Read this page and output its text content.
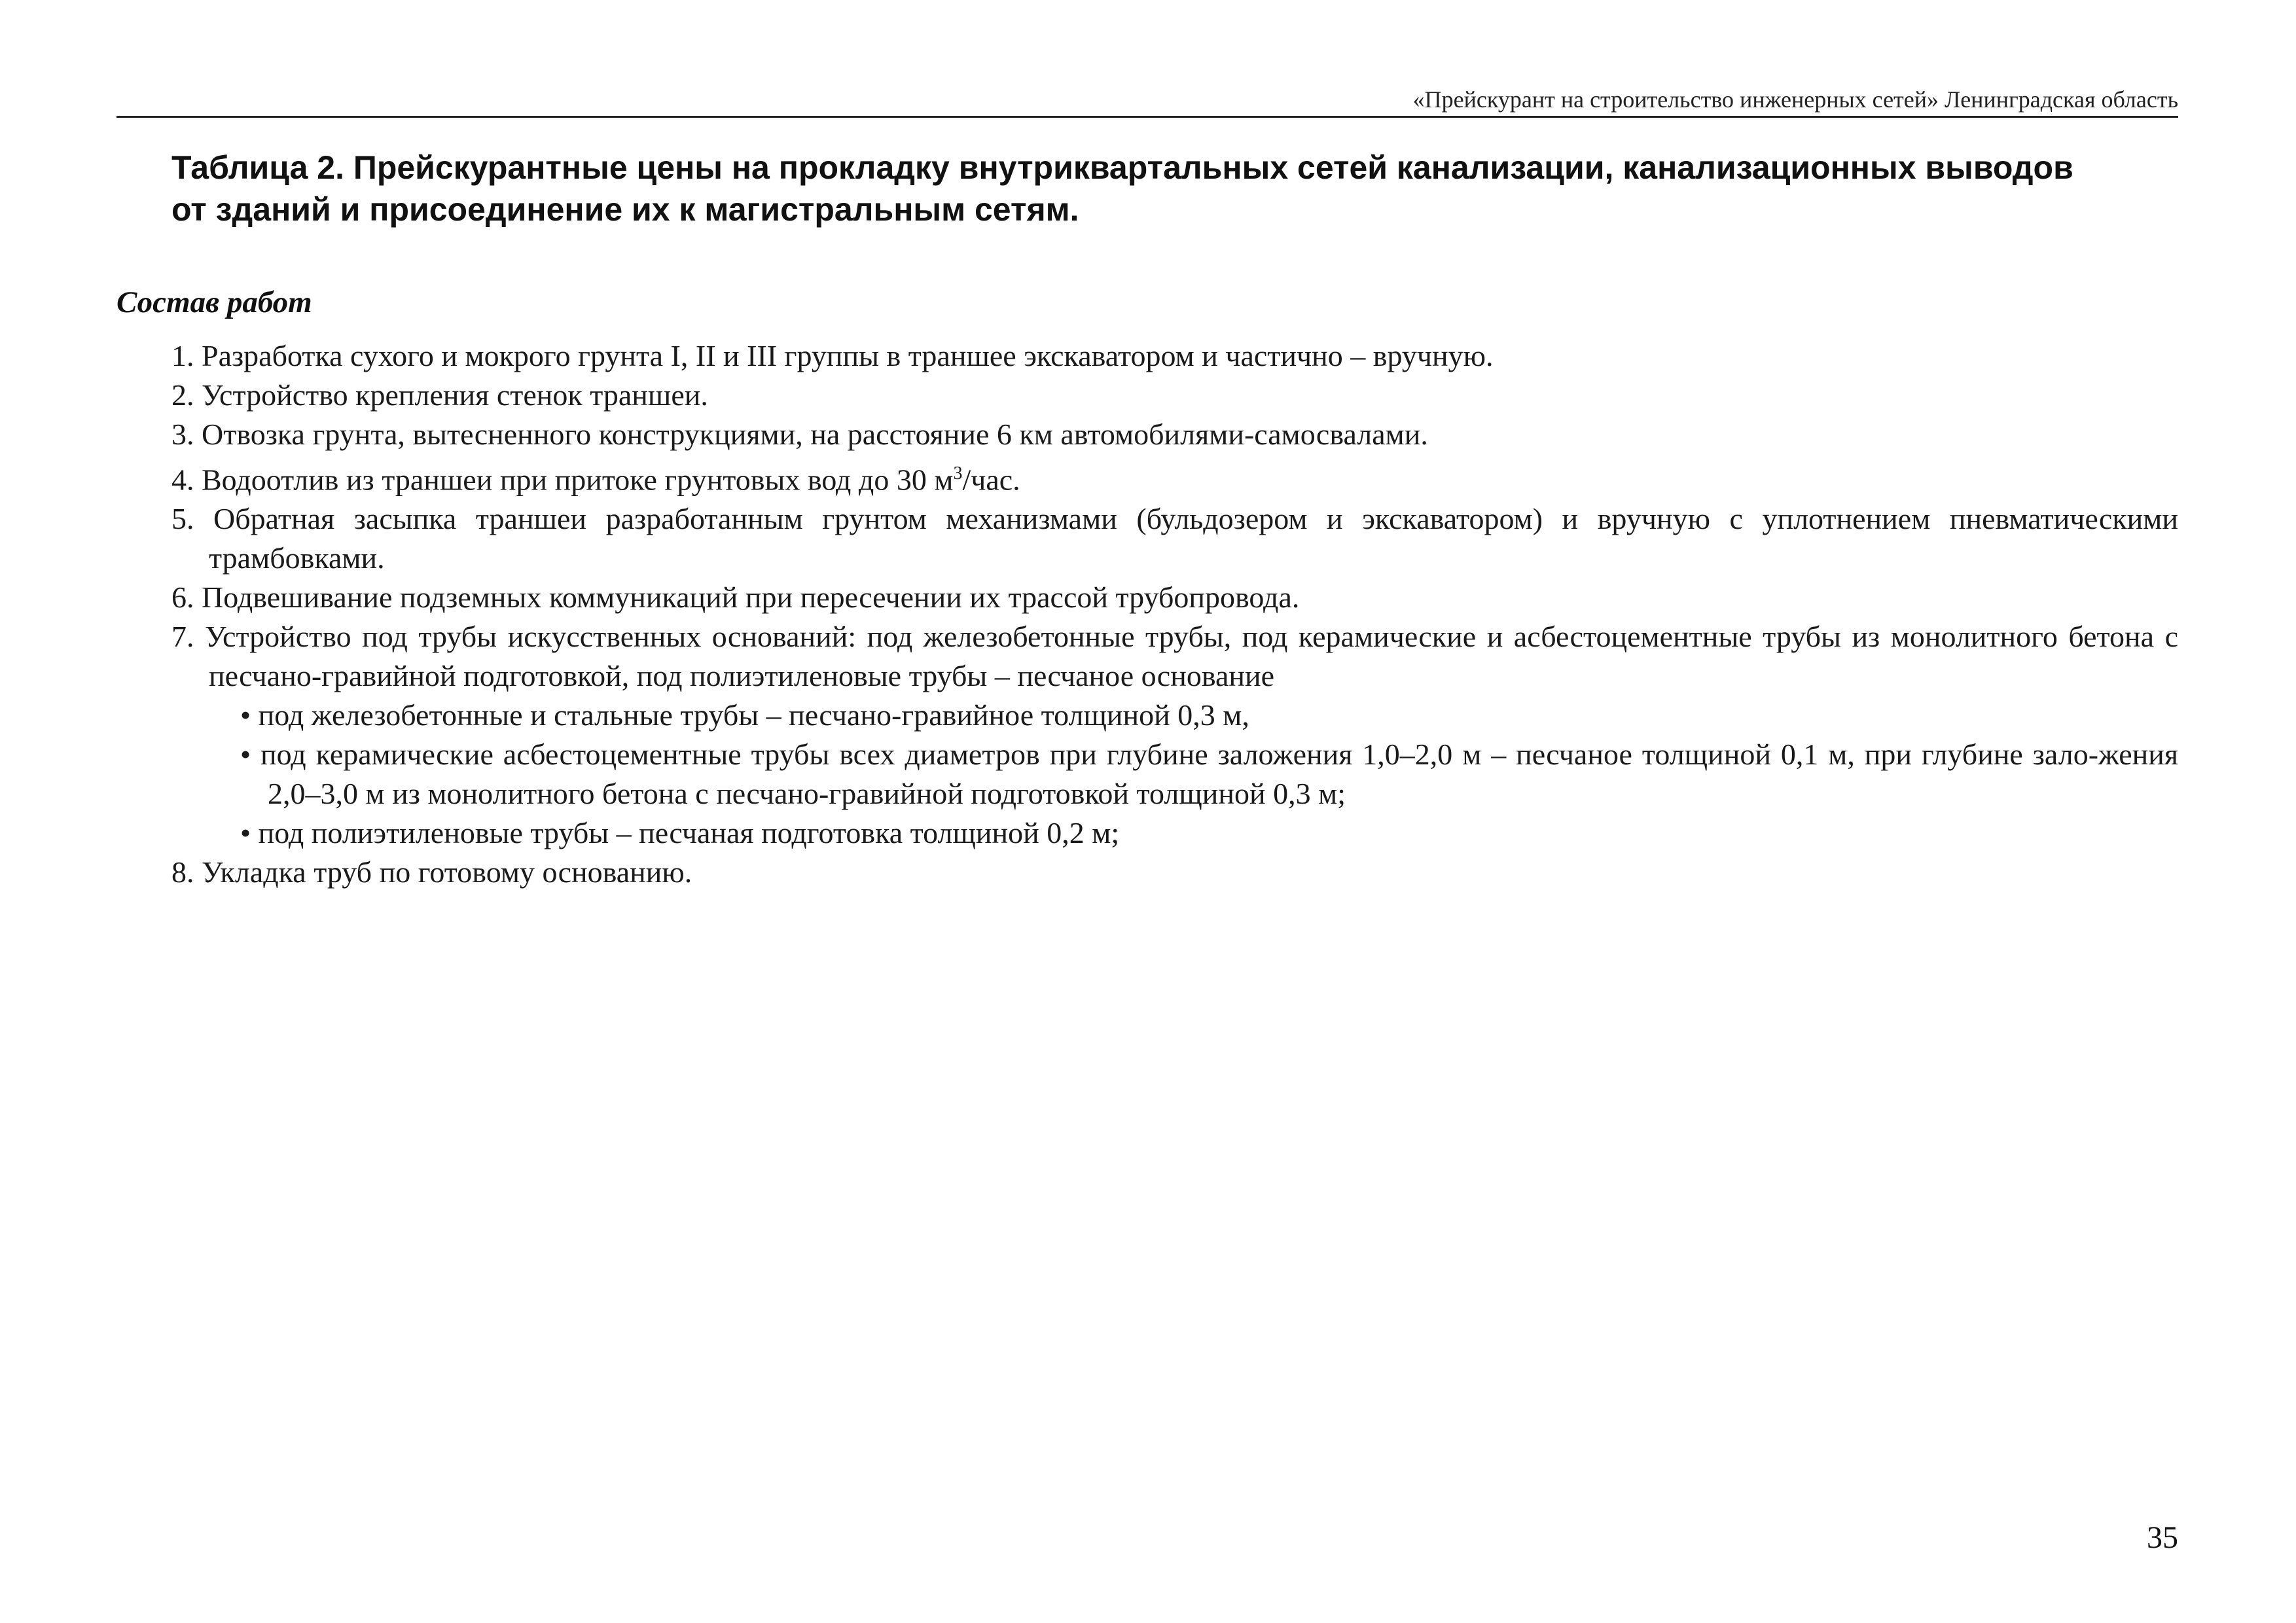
«Прейскурант на строительство инженерных сетей» Ленинградская область
Таблица 2. Прейскурантные цены на прокладку внутриквартальных сетей канализации, канализационных выводов от зданий и присоединение их к магистральным сетям.
Состав работ
1. Разработка сухого и мокрого грунта I, II и III группы в траншее экскаватором и частично – вручную.
2. Устройство крепления стенок траншеи.
3. Отвозка грунта, вытесненного конструкциями, на расстояние 6 км автомобилями-самосвалами.
4. Водоотлив из траншеи при притоке грунтовых вод до 30 $м^3$/час.
5. Обратная засыпка траншеи разработанным грунтом механизмами (бульдозером и экскаватором) и вручную с уплотнением пневматическими трамбовками.
6. Подвешивание подземных коммуникаций при пересечении их трассой трубопровода.
7. Устройство под трубы искусственных оснований: под железобетонные трубы, под керамические и асбестоцементные трубы из монолитного бетона с песчано-гравийной подготовкой, под полиэтиленовые трубы – песчаное основание
• под железобетонные и стальные трубы – песчано-гравийное толщиной 0,3 м,
• под керамические асбестоцементные трубы всех диаметров при глубине заложения 1,0–2,0 м – песчаное толщиной 0,1 м, при глубине зало-жения 2,0–3,0 м из монолитного бетона с песчано-гравийной подготовкой толщиной 0,3 м;
• под полиэтиленовые трубы – песчаная подготовка толщиной 0,2 м;
8. Укладка труб по готовому основанию.
35
